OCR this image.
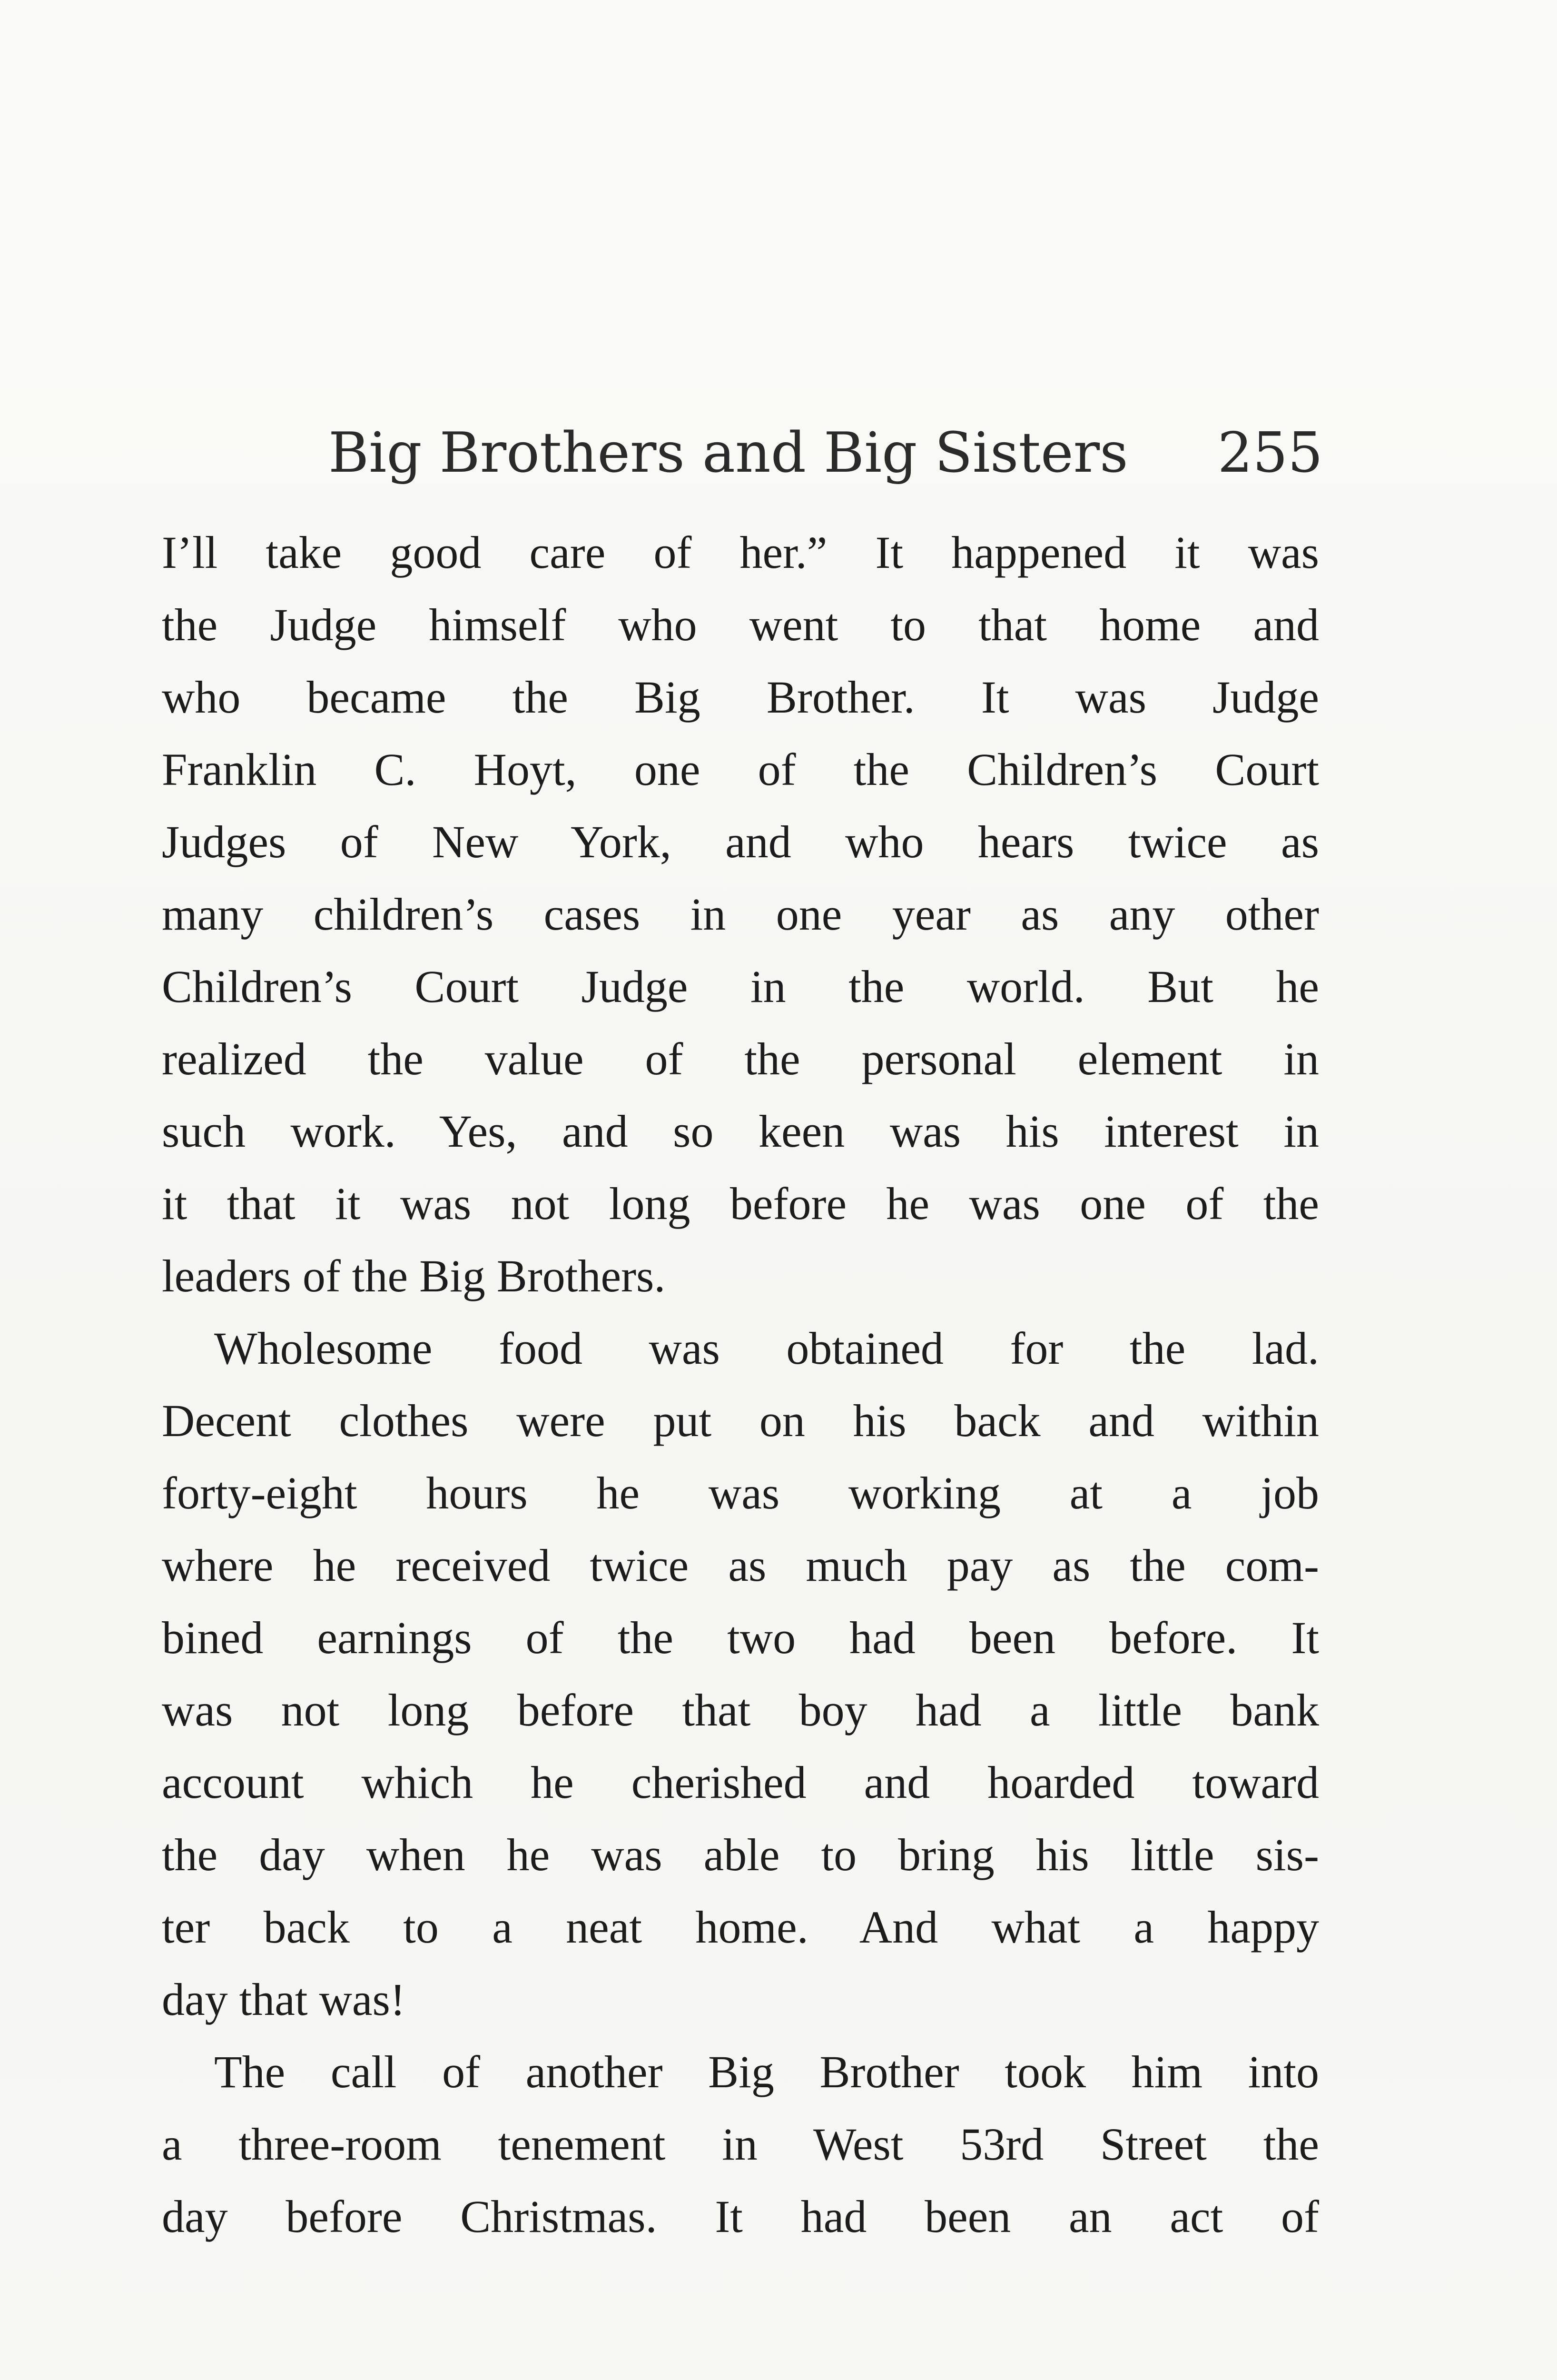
Big Brothers and Big Sisters 255
I’ll take good care of her.” It happened it was
the Judge himself who went to that home and
who became the Big Brother. It was Judge
Franklin C. Hoyt, one of the Children’s Court
Judges of New York, and who hears twice as
many children’s cases in one year as any other
Children’s Court Judge in the world. But he
realized the value of the personal element in
such work. Yes, and so keen was his interest in
it that it was not long before he was one of the
leaders of the Big Brothers.
Wholesome food was obtained for the lad.
Decent clothes were put on his back and within
forty-eight hours he was working at a job
where he received twice as much pay as the com-
bined earnings of the two had been before. It
was not long before that boy had a little bank
account which he cherished and hoarded toward
the day when he was able to bring his little sis-
ter back to a neat home. And what a happy
day that was!
The call of another Big Brother took him into
a three-room tenement in West 53rd Street the
day before Christmas. It had been an act of
